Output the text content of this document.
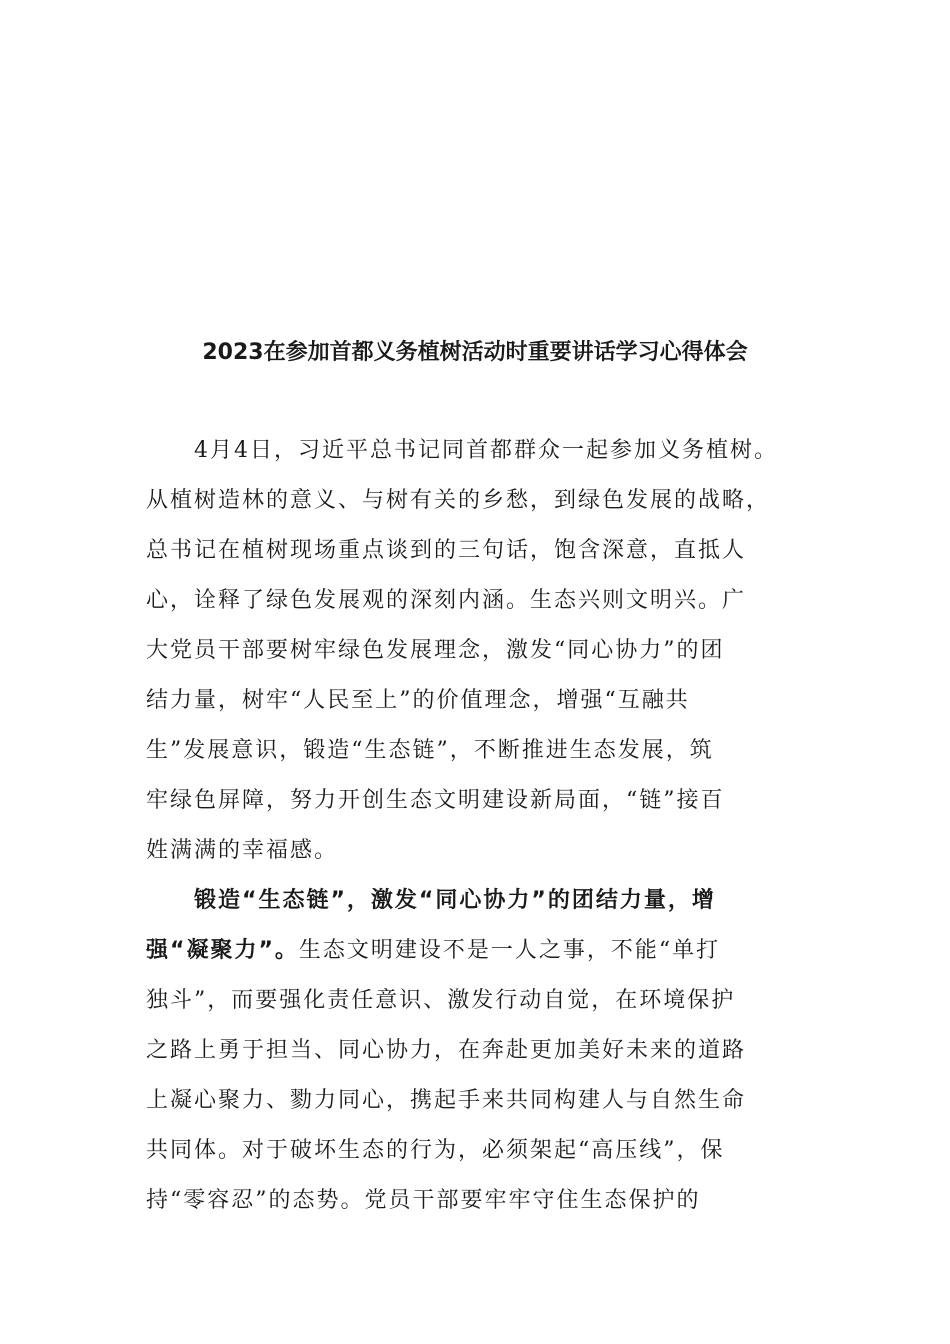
2023在参加首都义务植树活动时重要讲话学习心得体会
4月4日，习近平总书记同首都群众一起参加义务植树。
从植树造林的意义、与树有关的乡愁，到绿色发展的战略，
总书记在植树现场重点谈到的三句话，饱含深意，直抵人
心，诠释了绿色发展观的深刻内涵。生态兴则文明兴。广
大党员干部要树牢绿色发展理念，激发“同心协力”的团
结力量，树牢“人民至上”的价值理念，增强“互融共
生”发展意识，锻造“生态链”，不断推进生态发展，筑
牢绿色屏障，努力开创生态文明建设新局面，“链”接百
姓满满的幸福感。
锻造“生态链”，激发“同心协力”的团结力量，增
强“凝聚力”。生态文明建设不是一人之事，不能“单打
独斗”，而要强化责任意识、激发行动自觉，在环境保护
之路上勇于担当、同心协力，在奔赴更加美好未来的道路
上凝心聚力、勠力同心，携起手来共同构建人与自然生命
共同体。对于破坏生态的行为，必须架起“高压线”，保
持“零容忍”的态势。党员干部要牢牢守住生态保护的
